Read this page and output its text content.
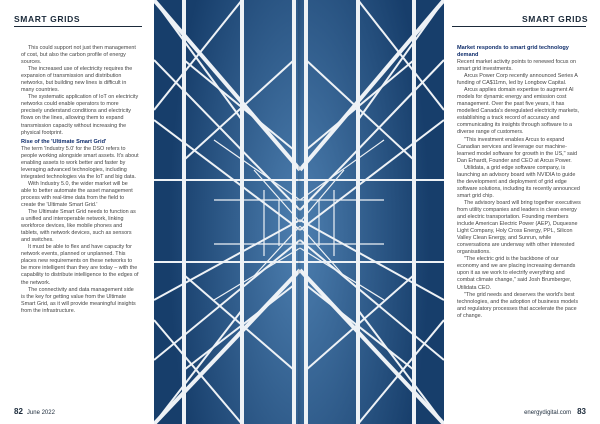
SMART GRIDS

This could support not just then management of cost, but also the carbon profile of energy sources.

The increased use of electricity requires the expansion of transmission and distribution networks, but building new lines is difficult in many countries.

The systematic application of IoT on electricity networks could enable operators to more precisely understand conditions and electricity flows on the lines, allowing them to expand transmission capacity without increasing the physical footprint.

Rise of the 'Ultimate Smart Grid'

The term 'Industry 5.0' for the DSO refers to people working alongside smart assets. It's about enabling assets to work better and faster by leveraging advanced technologies, including integrated technologies via the IoT and big data.

With Industry 5.0, the wider market will be able to better automate the asset management process with real-time data from the field to create the 'Ultimate Smart Grid.'

The Ultimate Smart Grid needs to function as a unified and interoperable network, linking workforce devices, like mobile phones and tablets, with network devices, such as sensors and switches.

It must be able to flex and have capacity for network events, planned or unplanned. This places new requirements on these networks to be more intelligent than they are today – with the capability to distribute intelligence to the edges of the network.

The connectivity and data management side is the key for getting value from the Ultimate Smart Grid, as it will provide meaningful insights from the infrastructure.

82 June 2022
SMART GRIDS
Market responds to smart grid technology demand

Recent market activity points to renewed focus on smart grid investments.

Arcus Power Corp recently announced Series A funding of CA$11mn, led by Longbow Capital.

Arcus applies domain expertise to augment AI models for dynamic energy and emission cost management. Over the past five years, it has modelled Canada's deregulated electricity markets, establishing a track record of accuracy and communicating its insights through software to a diverse range of customers.

"This investment enables Arcus to expand Canadian services and leverage our machine-learned model software for growth in the US," said Dan Erhardt, Founder and CEO at Arcus Power.

Utilidata, a grid edge software company, is launching an advisory board with NVIDIA to guide the development and deployment of grid edge software solutions, including its recently announced smart grid chip.

The advisory board will bring together executives from utility companies and leaders in clean energy and electric transportation. Founding members include American Electric Power (AEP), Duquesne Light Company, Holy Cross Energy, PPL, Silicon Valley Clean Energy, and Sunrun, while conversations are underway with other interested organisations.

"The electric grid is the backbone of our economy and we are placing increasing demands upon it as we work to electrify everything and combat climate change," said Josh Brumberger, Utilidata CEO.

"The grid needs and deserves the world's best technologies, and the adoption of business models and regulatory processes that accelerate the pace of change.

energydigital.com 83
